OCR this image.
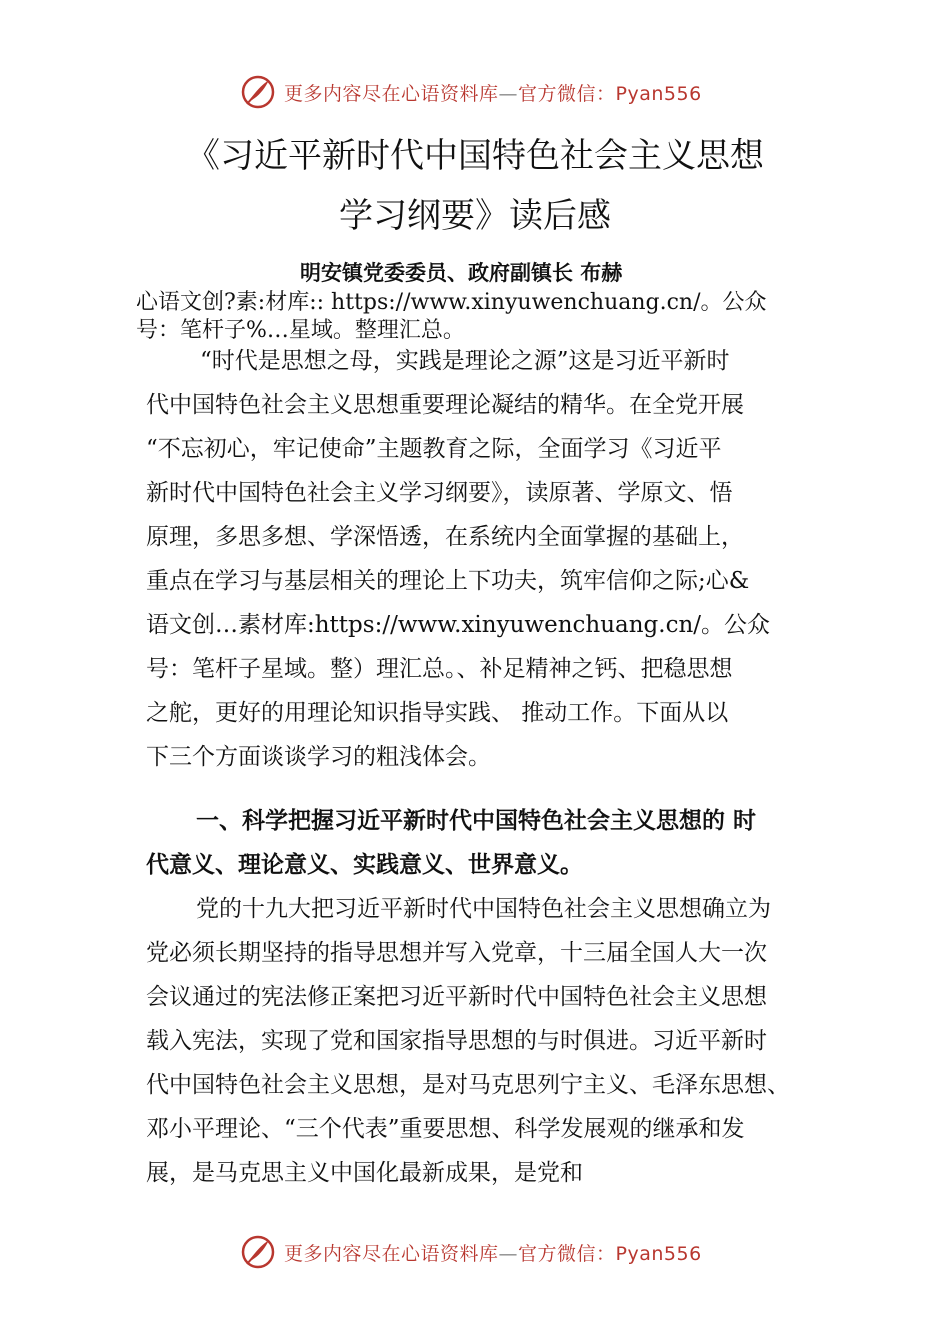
更多内容尽在心语资料库—官方微信：Pyan556
《习近平新时代中国特色社会主义思想
学习纲要》读后感
明安镇党委委员、政府副镇长 布赫
心语文创?素:材库:: https://www.xinyuwenchuang.cn/。公众
号：笔杆子%…星域。整理汇总。
“时代是思想之母，实践是理论之源”这是习近平新时
代中国特色社会主义思想重要理论凝结的精华。在全党开展
“不忘初心，牢记使命”主题教育之际，全面学习《习近平
新时代中国特色社会主义学习纲要》，读原著、学原文、悟
原理，多思多想、学深悟透，在系统内全面掌握的基础上，
重点在学习与基层相关的理论上下功夫，筑牢信仰之际;心&
语文创…素材库:https://www.xinyuwenchuang.cn/。公众
号：笔杆子星域。整）理汇总。、补足精神之钙、把稳思想
之舵，更好的用理论知识指导实践、 推动工作。下面从以
下三个方面谈谈学习的粗浅体会。
一、科学把握习近平新时代中国特色社会主义思想的 时
代意义、理论意义、实践意义、世界意义。
党的十九大把习近平新时代中国特色社会主义思想确立为
党必须长期坚持的指导思想并写入党章，十三届全国人大一次
会议通过的宪法修正案把习近平新时代中国特色社会主义思想
载入宪法，实现了党和国家指导思想的与时俱进。习近平新时
代中国特色社会主义思想，是对马克思列宁主义、毛泽东思想、
邓小平理论、“三个代表”重要思想、科学发展观的继承和发
展，是马克思主义中国化最新成果，是党和
更多内容尽在心语资料库—官方微信：Pyan556
